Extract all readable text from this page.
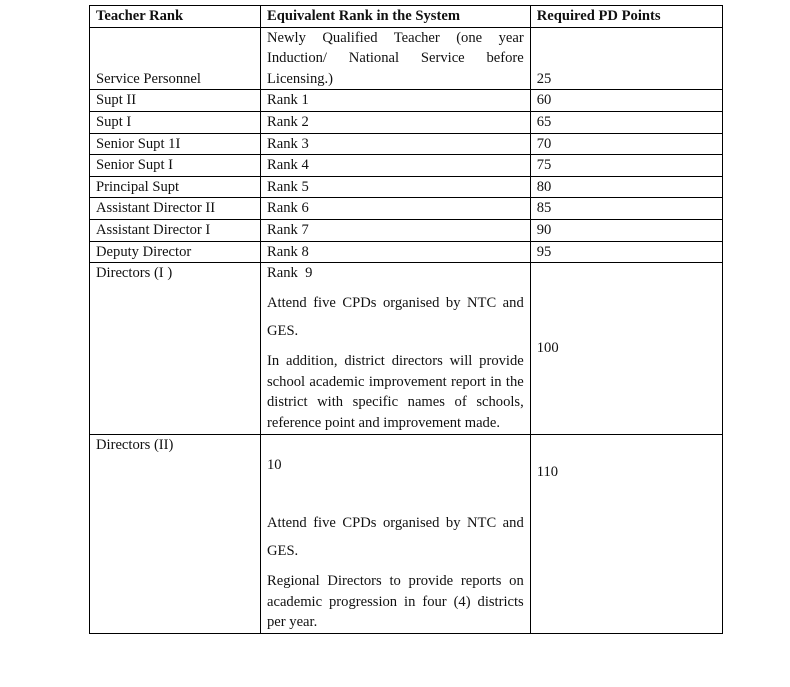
Teacher Rank	Equivalent Rank in the System	Required PD Points
Service Personnel	Newly Qualified Teacher (one year Induction/ National Service before Licensing.)	25
Supt II	Rank 1	60
Supt I	Rank 2	65
Senior Supt 1I	Rank 3	70
Senior Supt I	Rank 4	75
Principal Supt	Rank 5	80
Assistant Director II	Rank 6	85
Assistant Director I	Rank 7	90
Deputy Director	Rank 8	95
Directors (I )	Rank  9
Attend five CPDs organised by NTC and GES.
In addition, district directors will provide school academic improvement report in the district with specific names of schools, reference point and improvement made.	100
Directors (II)	10
Attend five CPDs organised by NTC and GES.
Regional Directors to provide reports on academic progression in four (4) districts per year.	110
